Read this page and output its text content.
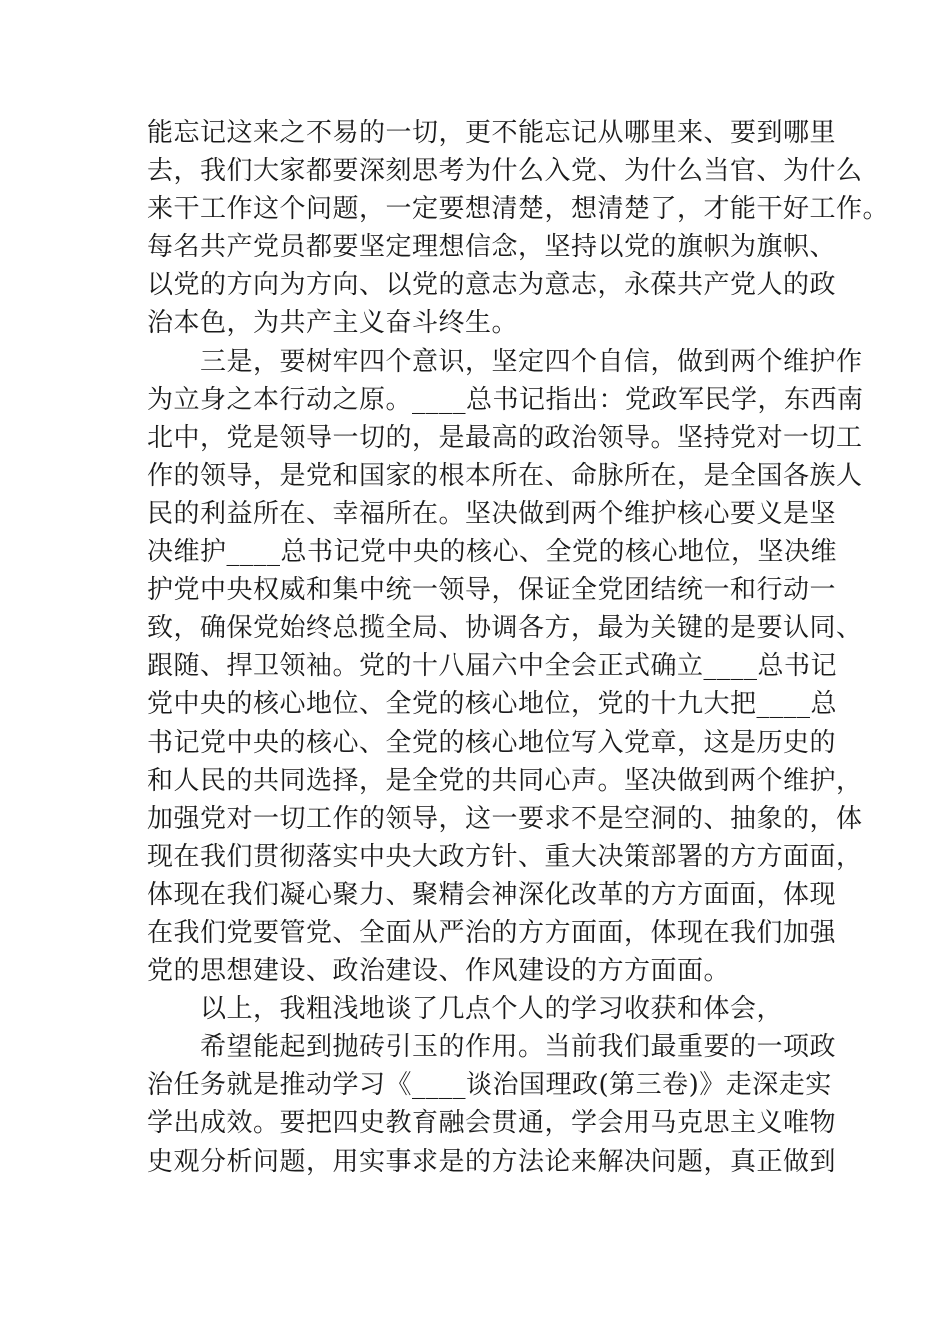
能忘记这来之不易的一切，更不能忘记从哪里来、要到哪里
去，我们大家都要深刻思考为什么入党、为什么当官、为什么
来干工作这个问题，一定要想清楚，想清楚了，才能干好工作。
每名共产党员都要坚定理想信念，坚持以党的旗帜为旗帜、
以党的方向为方向、以党的意志为意志，永葆共产党人的政
治本色，为共产主义奋斗终生。
　　三是，要树牢四个意识，坚定四个自信，做到两个维护作
为立身之本行动之原。____总书记指出：党政军民学，东西南
北中，党是领导一切的，是最高的政治领导。坚持党对一切工
作的领导，是党和国家的根本所在、命脉所在，是全国各族人
民的利益所在、幸福所在。坚决做到两个维护核心要义是坚
决维护____总书记党中央的核心、全党的核心地位，坚决维
护党中央权威和集中统一领导，保证全党团结统一和行动一
致，确保党始终总揽全局、协调各方，最为关键的是要认同、
跟随、捍卫领袖。党的十八届六中全会正式确立____总书记
党中央的核心地位、全党的核心地位，党的十九大把____总
书记党中央的核心、全党的核心地位写入党章，这是历史的
和人民的共同选择，是全党的共同心声。坚决做到两个维护，
加强党对一切工作的领导，这一要求不是空洞的、抽象的，体
现在我们贯彻落实中央大政方针、重大决策部署的方方面面，
体现在我们凝心聚力、聚精会神深化改革的方方面面，体现
在我们党要管党、全面从严治的方方面面，体现在我们加强
党的思想建设、政治建设、作风建设的方方面面。
　　以上，我粗浅地谈了几点个人的学习收获和体会，
　　希望能起到抛砖引玉的作用。当前我们最重要的一项政
治任务就是推动学习《____谈治国理政(第三卷)》走深走实
学出成效。要把四史教育融会贯通，学会用马克思主义唯物
史观分析问题，用实事求是的方法论来解决问题，真正做到
